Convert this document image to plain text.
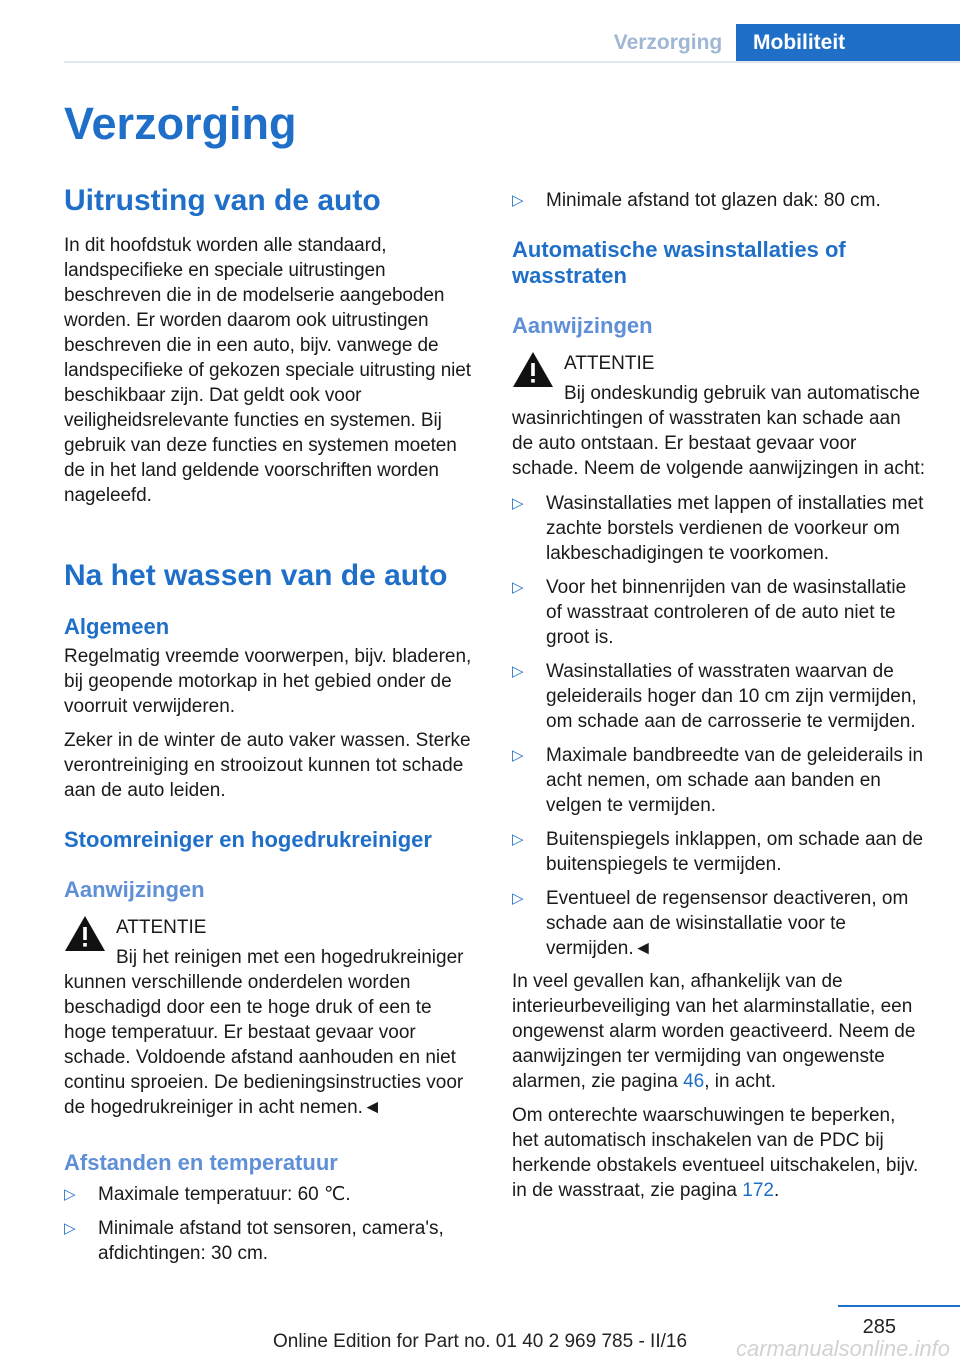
Verzorging	Mobiliteit
Verzorging
Uitrusting van de auto

In dit hoofdstuk worden alle standaard, landspecifieke en speciale uitrustingen beschreven die in de modelserie aangeboden worden. Er worden daarom ook uitrustingen beschreven die in een auto, bijv. vanwege de landspecifieke of gekozen speciale uitrusting niet beschikbaar zijn. Dat geldt ook voor veiligheidsrelevante functies en systemen. Bij gebruik van deze functies en systemen moeten de in het land geldende voorschriften worden nageleefd.

Na het wassen van de auto
Algemeen

Regelmatig vreemde voorwerpen, bijv. bladeren, bij geopende motorkap in het gebied onder de voorruit verwijderen.

Zeker in de winter de auto vaker wassen. Sterke verontreiniging en strooizout kunnen tot schade aan de auto leiden.

Stoomreiniger en hogedrukreiniger
Aanwijzingen

ATTENTIE

Bij het reinigen met een hogedrukreiniger kunnen verschillende onderdelen worden beschadigd door een te hoge druk of een te hoge temperatuur. Er bestaat gevaar voor schade. Voldoende afstand aanhouden en niet continu sproeien. De bedieningsinstructies voor de hogedrukreiniger in acht nemen.◄

Afstanden en temperatuur
▷ Maximale temperatuur: 60 ℃.
▷ Minimale afstand tot sensoren, camera's, afdichtingen: 30 cm.
▷ Minimale afstand tot glazen dak: 80 cm.
Automatische wasinstallaties of wasstraten
Aanwijzingen

ATTENTIE

Bij ondeskundig gebruik van automatische wasinrichtingen of wasstraten kan schade aan de auto ontstaan. Er bestaat gevaar voor schade. Neem de volgende aanwijzingen in acht:

▷ Wasinstallaties met lappen of installaties met zachte borstels verdienen de voorkeur om lakbeschadigingen te voorkomen.
▷ Voor het binnenrijden van de wasinstallatie of wasstraat controleren of de auto niet te groot is.
▷ Wasinstallaties of wasstraten waarvan de geleiderails hoger dan 10 cm zijn vermijden, om schade aan de carrosserie te vermijden.
▷ Maximale bandbreedte van de geleiderails in acht nemen, om schade aan banden en velgen te vermijden.
▷ Buitenspiegels inklappen, om schade aan de buitenspiegels te vermijden.
▷ Eventueel de regensensor deactiveren, om schade aan de wisinstallatie voor te vermijden.◄

In veel gevallen kan, afhankelijk van de interieurbeveiliging van het alarminstallatie, een ongewenst alarm worden geactiveerd. Neem de aanwijzingen ter vermijding van ongewenste alarmen, zie pagina 46, in acht.

Om onterechte waarschuwingen te beperken, het automatisch inschakelen van de PDC bij herkende obstakels eventueel uitschakelen, bijv. in de wasstraat, zie pagina 172.

285
Online Edition for Part no. 01 40 2 969 785 - II/16	carmanualsonline.info
